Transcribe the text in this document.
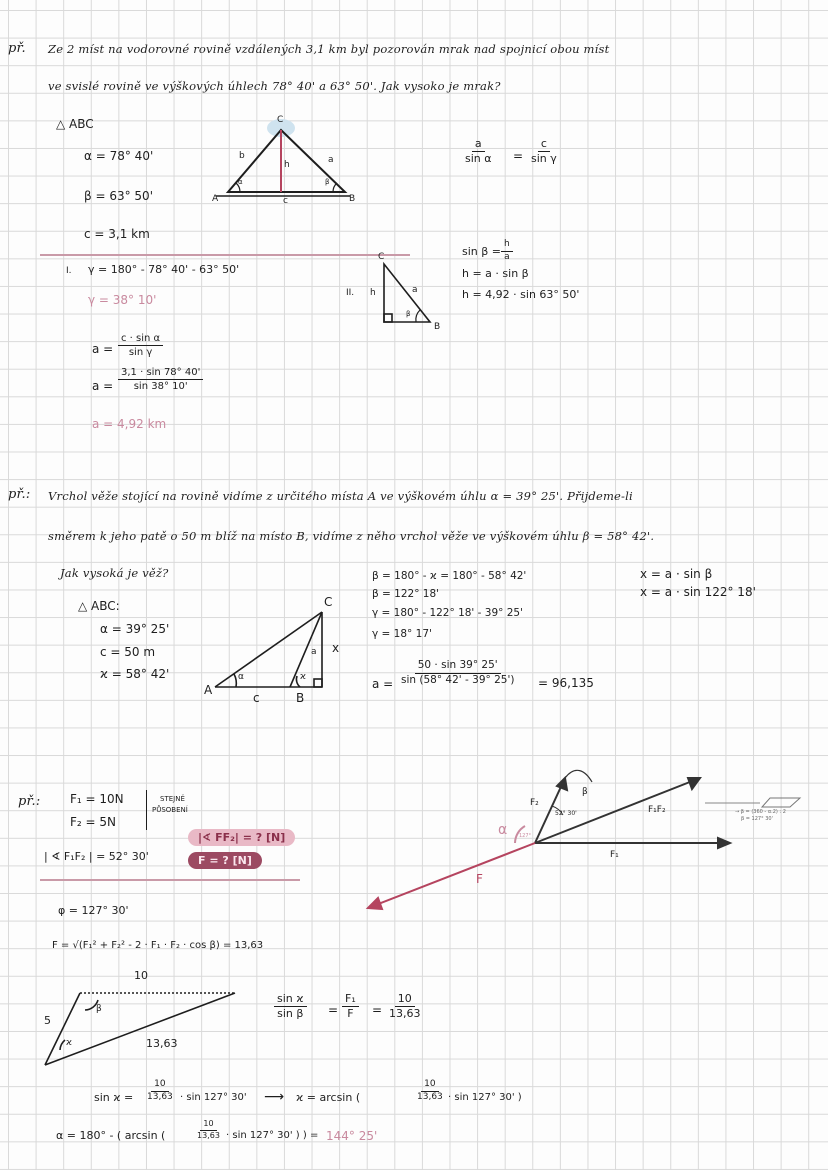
př. Ze 2 míst na vodorovné rovině vzdálených 3,1 km byl pozorován mrak nad spojnicí obou míst
ve svislé rovině ve výškových úhlech 78° 40' a 63° 50'. Jak vysoko je mrak?
△ ABC
α = 78° 40'
β = 63° 50'
c = 3,1 km
A	B
C
b	a
c
h
α	β
$\frac{a}{\text{sin α}} = \frac{c}{\text{sin γ}}$
I. γ = 180° - 78° 40' - 63° 50'
γ = 38° 10'
$a = \frac{\text{c · sin α}}{\text{sin γ}}$
$a = \frac{3,1 \cdot \sin 78^\circ 40'}{\sin 38^\circ 10'}$
a = 4,92 km
II.
C
B
h	a
β
$\sin \beta = \frac{h}{a}$
h = a · sin β
h = 4,92 · sin 63° 50'
př.: Vrchol věže stojící na rovině vidíme z určitého místa A ve výškovém úhlu α = 39° 25'. Přijdeme-li
směrem k jeho patě o 50 m blíž na místo B, vidíme z něho vrchol věže ve výškovém úhlu β = 58° 42'.
Jak vysoká je věž?
△ ABC:
α = 39° 25'
c = 50 m
ϰ = 58° 42'
A
B
C
c
a x
α	ϰ
β = 180° - ϰ = 180° - 58° 42'
β = 122° 18'
γ = 180° - 122° 18' - 39° 25'
γ = 18° 17'
$a = \frac{50 \cdot \sin 39^\circ 25'}{\sin (58^\circ 42' - 39^\circ 25')} = 96,135$
x = a · sin β
x = a · sin 122° 18'
př.: F₁ = 10N
F₂ = 5N
STEJNĚ
PŮSOBENÍ
| ∢ F₁F₂ | = 52° 30'
|∢ FF₂| = ? [N]
F = ? [N]
φ = 127° 30'
F = √(F₁² + F₂² - 2 · F₁ · F₂ · cos β) = 13,63
F₁
F₂
F₁F₂
F
52° 30'
α 127°
β
→ β = (360 - α.2) : 2
β = 127° 30'
10
5
13,63
β
ϰ
$\frac{\text{sin ϰ}}{\text{sin β}} = \frac{\text{F₁}}{F} = \frac{10}{13,63}$
$\sin ϰ = \frac{10}{13,63} \cdot \sin 127^\circ$ 30' ⟶ ϰ = arcsin (	$\frac{10}{13,63} \cdot \sin 127^\circ$ 30' )
α = 180° - ( arcsin (	$\frac{10}{13,63} \cdot \sin 127^\circ$ 30' ) ) = 144° 25'
